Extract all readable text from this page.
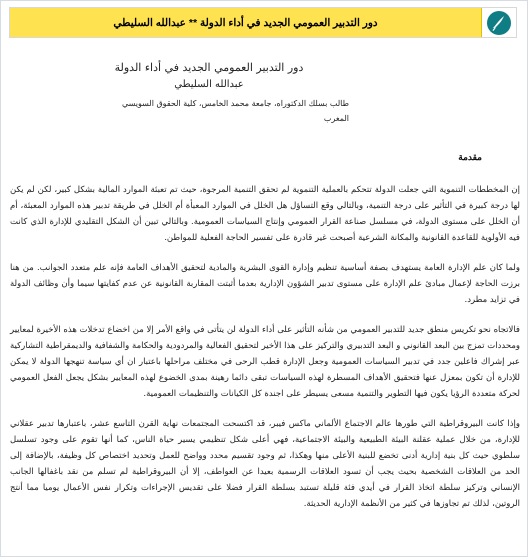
دور التدبير العمومي الجديد في أداء الدولة ** عبدالله السليطي
دور التدبير العمومي الجديد في أداء الدولة
عبدالله السليطي
طالب بسلك الدكتوراه، جامعة محمد الخامس، كلية الحقوق السويسي
المغرب
مقدمة

إن المخططات التنموية التي جعلت الدولة تتحكم بالعملية التنموية لم تحقق التنمية المرجوة، حيث تم تعبئة الموارد المالية بشكل كبير، لكن لم يكن لها درجة كبيرة في التأثير على درجة التنمية، وبالتالي وقع التساؤل هل الخلل في الموارد المعبأة أم الخلل في طريقة تدبير هذه الموارد المعبئة، أم أن الخلل على مستوى الدولة، في مسلسل صناعة القرار العمومي وإنتاج السياسات العمومية. وبالتالي تبين أن الشكل التقليدي للإدارة الذي كانت فيه الأولوية للقاعدة القانونية والمكانة الشرعية أصبحت غير قادرة على تفسير الحاجة الفعلية للمواطن.

ولما كان علم الإدارة العامة يستهدف بصفة أساسية تنظيم وإدارة القوى البشرية والمادية لتحقيق الأهداف العامة فإنه علم متعدد الجوانب. من هنا برزت الحاجة لإعمال مبادئ علم الإدارة على مستوى تدبير الشؤون الإدارية بعدما أثبتت المقاربة القانونية عن عدم كفايتها سيما وأن وظائف الدولة في تزايد مطرد.

فالاتجاه نحو تكريس منطق جديد للتدبير العمومي من شأنه التأثير على أداء الدولة لن يتأتى في واقع الأمر إلا من اخضاع تدخلات هذه الأخيرة لمعايير ومحددات تمزج بين البعد القانوني و البعد التدبيري والتركيز على هذا الأخير لتحقيق الفعالية والمردودية والحكامة والشفافية والديمقراطية التشاركية عبر إشراك فاعلين جدد في تدبير السياسات العمومية وجعل الإدارة قطب الرحى في مختلف مراحلها باعتبار ان أي سياسة تنهجها الدولة لا يمكن للإدارة أن تكون بمعزل عنها فتحقيق الأهداف المسطرة لهذه السياسات تبقى دائما رهينة بمدى الخضوع لهذه المعايير بشكل يجعل الفعل العمومي لحركة متعددة الرؤيا يكون فيها التطوير والتنمية مسعى يسيطر على اجندة كل الكيانات والتنظيمات العمومية.

وإذا كانت البيروقراطية التي طورها عالم الاجتماع الألماني ماكس فيبر، قد اكتسحت المجتمعات نهاية القرن التاسع عشر، باعتبارها تدبير عقلاني للإدارة، من خلال عملية عقلنة البيئة الطبيعية والبيئة الاجتماعية، فهي أعلى شكل تنظيمي يسير حياة الناس، كما أنها تقوم على وجود تسلسل سلطوي حيث كل بنية إدارية أدنى تخضع للبنية الأعلى منها وهكذا، ثم وجود تقسيم محدد وواضح للعمل وتحديد اختصاص كل وظيفة، بالإضافة إلى الحد من العلاقات الشخصية بحيث يجب أن تسود العلاقات الرسمية بعيدا عن العواطف، إلا أن البيروقراطية لم تسلم من نقد باغفالها الجانب الإنساني وتركيز سلطة اتخاذ القرار في أيدي فئة قليلة تستبد بسلطة القرار فضلا على تقديس الإجراءات وتكرار نفس الأعمال يوميا مما أنتج الروتين، لذلك تم تجاوزها في كثير من الأنظمة الإدارية الحديثة.
